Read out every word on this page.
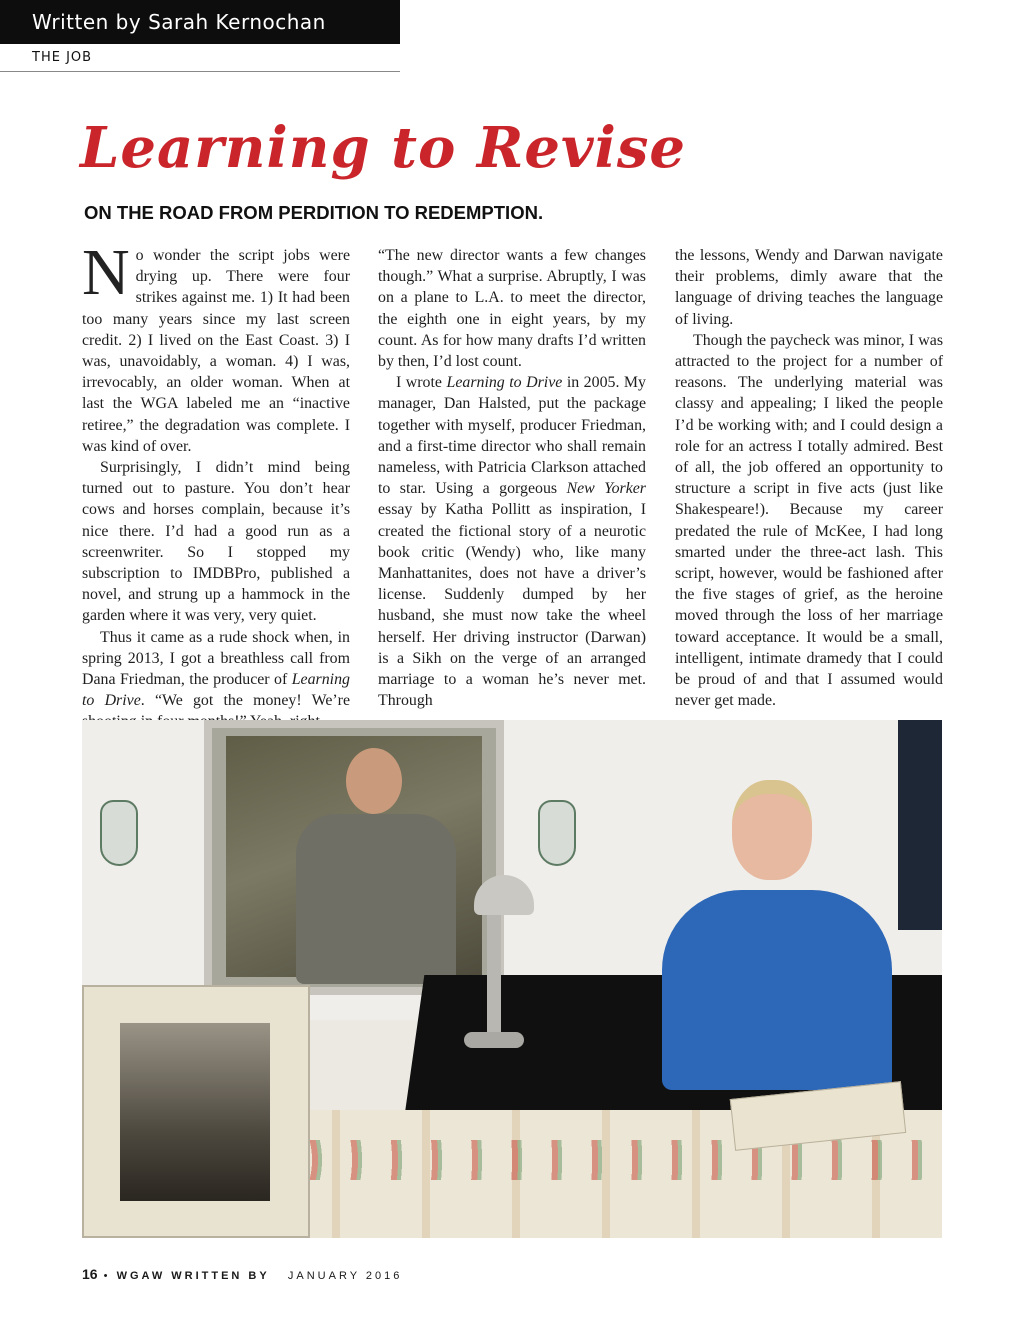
Written by Sarah Kernochan
THE JOB
Learning to Revise
ON THE ROAD FROM PERDITION TO REDEMPTION.

No wonder the script jobs were drying up. There were four strikes against me. 1) It had been too many years since my last screen credit. 2) I lived on the East Coast. 3) I was, unavoidably, a woman. 4) I was, irrevocably, an older woman. When at last the WGA labeled me an “inactive retiree,” the degradation was complete. I was kind of over.

Surprisingly, I didn’t mind being turned out to pasture. You don’t hear cows and horses complain, because it’s nice there. I’d had a good run as a screenwriter. So I stopped my subscription to IMDBPro, published a novel, and strung up a hammock in the garden where it was very, very quiet.

Thus it came as a rude shock when, in spring 2013, I got a breathless call from Dana Friedman, the producer of Learning to Drive. “We got the money! We’re

“The new director wants a few changes though.” What a surprise. Abruptly, I was on a plane to L.A. to meet the director, the eighth one in eight years, by my count. As for how many drafts I’d written by then, I’d lost count.

I wrote Learning to Drive in 2005. My manager, Dan Halsted, put the package together with myself, producer Friedman, and a first-time director who shall remain nameless, with Patricia Clarkson attached to star. Using a gorgeous New Yorker essay by Katha Pollitt as inspiration, I created the fictional story of a neurotic book critic (Wendy) who, like many Manhattanites, does not have a driver’s license. Suddenly dumped by her husband, she must now take the wheel herself. Her driving instructor (Darwan) is a Sikh on the verge of an arranged marriage to a woman he’s never met. Through

the lessons, Wendy and Darwan navigate their problems, dimly aware that the language of driving teaches the language of living.

Though the paycheck was minor, I was attracted to the project for a number of reasons. The underlying material was classy and appealing; I liked the people I’d be working with; and I could design a role for an actress I totally admired. Best of all, the job offered an opportunity to structure a script in five acts (just like Shakespeare!). Because my career predated the rule of McKee, I had long smarted under the three-act lash. This script, however, would be fashioned after the five stages of grief, as the heroine moved through the loss of her marriage toward acceptance. It would be a small, intelligent, intimate dramedy that I could be proud of and that I assumed would never get made.

16 • WGAW WRITTEN BY JANUARY 2016
